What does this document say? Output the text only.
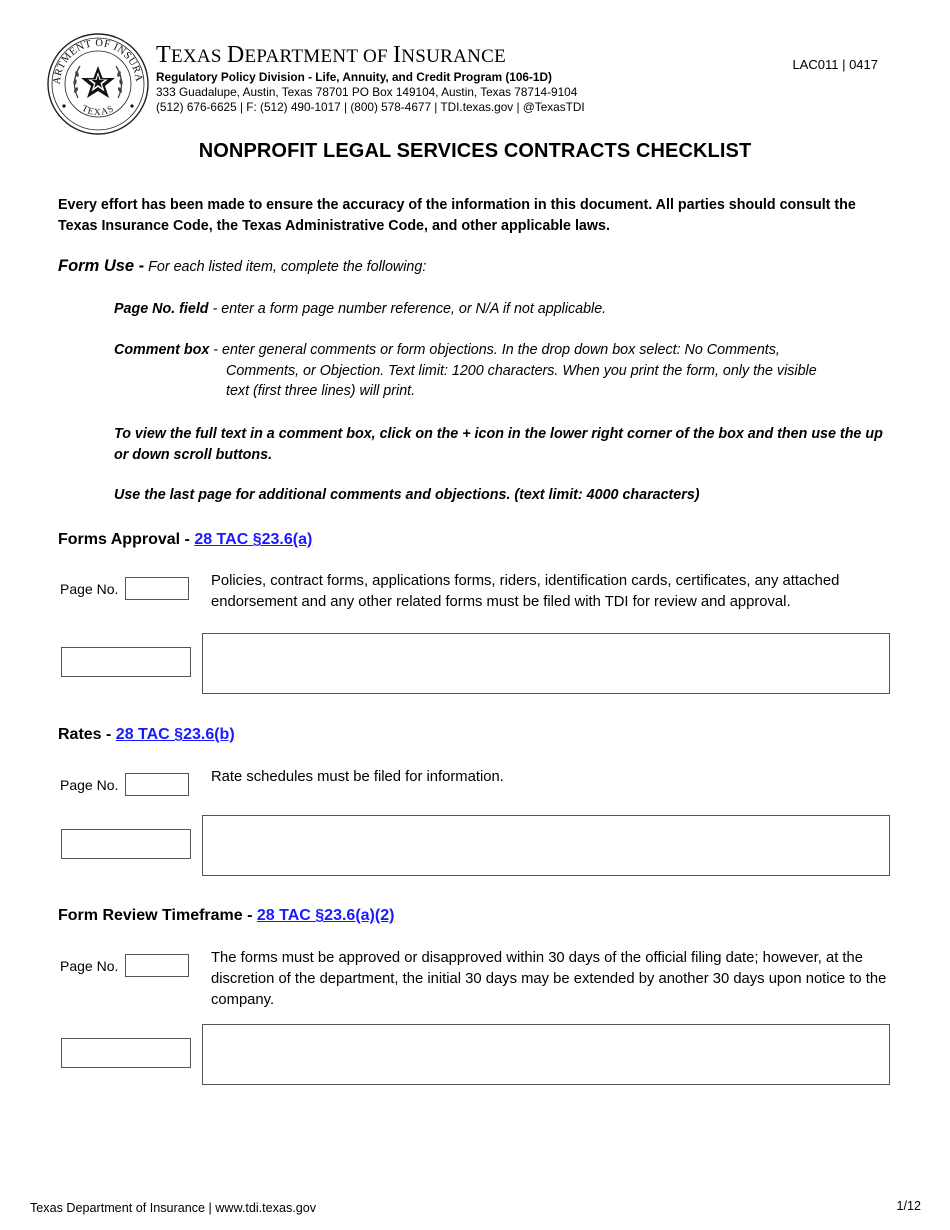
ARTMENT OF INSURA
TEXAS
TEXAS DEPARTMENT OF INSURANCE
Regulatory Policy Division - Life, Annuity, and Credit Program (106-1D)
333 Guadalupe, Austin, Texas 78701 PO Box 149104, Austin, Texas 78714-9104
(512) 676-6625 | F: (512) 490-1017 | (800) 578-4677 | TDI.texas.gov | @TexasTDI
LAC011 | 0417
NONPROFIT LEGAL SERVICES CONTRACTS CHECKLIST
Every effort has been made to ensure the accuracy of the information in this document. All parties should consult the Texas Insurance Code, the Texas Administrative Code, and other applicable laws.
Form Use - For each listed item, complete the following:
Page No. field - enter a form page number reference, or N/A if not applicable.
Comment box - enter general comments or form objections. In the drop down box select: No Comments,
Comments, or Objection. Text limit: 1200 characters. When you print the form, only the visible
text (first three lines) will print.
To view the full text in a comment box, click on the + icon in the lower right corner of the box and then use the up or down scroll buttons.
Use the last page for additional comments and objections. (text limit: 4000 characters)
Forms Approval - 28 TAC §23.6(a)
Page No.	Policies, contract forms, applications forms, riders, identification cards, certificates, any attached endorsement and any other related forms must be filed with TDI for review and approval.
Rates - 28 TAC §23.6(b)
Page No.	Rate schedules must be filed for information.
Form Review Timeframe - 28 TAC §23.6(a)(2)
Page No.	The forms must be approved or disapproved within 30 days of the official filing date; however, at the discretion of the department, the initial 30 days may be extended by another 30 days upon notice to the company.
Texas Department of Insurance | www.tdi.texas.gov	1/12
